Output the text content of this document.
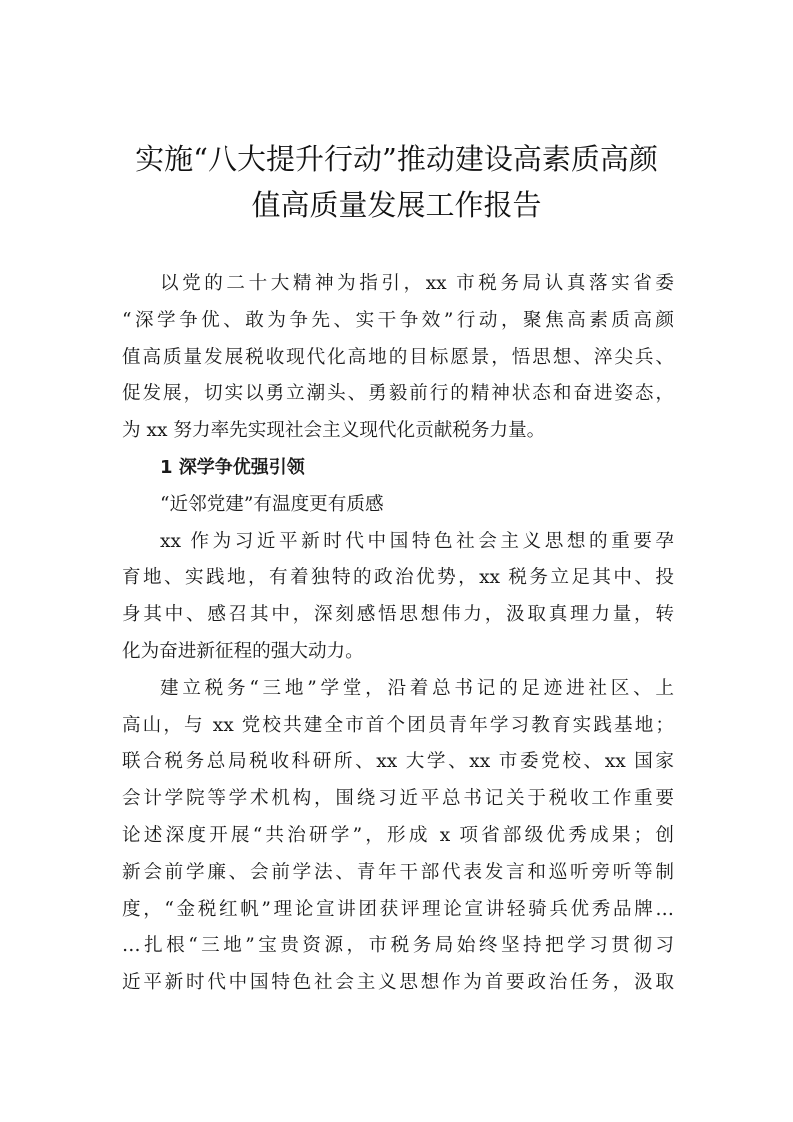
实施“八大提升行动”推动建设高素质高颜
值高质量发展工作报告
以党的二十大精神为指引，xx 市税务局认真落实省委
“深学争优、敢为争先、实干争效”行动，聚焦高素质高颜
值高质量发展税收现代化高地的目标愿景，悟思想、淬尖兵、
促发展，切实以勇立潮头、勇毅前行的精神状态和奋进姿态，
为 xx 努力率先实现社会主义现代化贡献税务力量。
1 深学争优强引领
“近邻党建”有温度更有质感
xx 作为习近平新时代中国特色社会主义思想的重要孕
育地、实践地，有着独特的政治优势，xx 税务立足其中、投
身其中、感召其中，深刻感悟思想伟力，汲取真理力量，转
化为奋进新征程的强大动力。
建立税务“三地”学堂，沿着总书记的足迹进社区、上
高山，与 xx 党校共建全市首个团员青年学习教育实践基地；
联合税务总局税收科研所、xx 大学、xx 市委党校、xx 国家
会计学院等学术机构，围绕习近平总书记关于税收工作重要
论述深度开展“共治研学”，形成 x 项省部级优秀成果；创
新会前学廉、会前学法、青年干部代表发言和巡听旁听等制
度，“金税红帆”理论宣讲团获评理论宣讲轻骑兵优秀品牌…
…扎根“三地”宝贵资源，市税务局始终坚持把学习贯彻习
近平新时代中国特色社会主义思想作为首要政治任务，汲取
